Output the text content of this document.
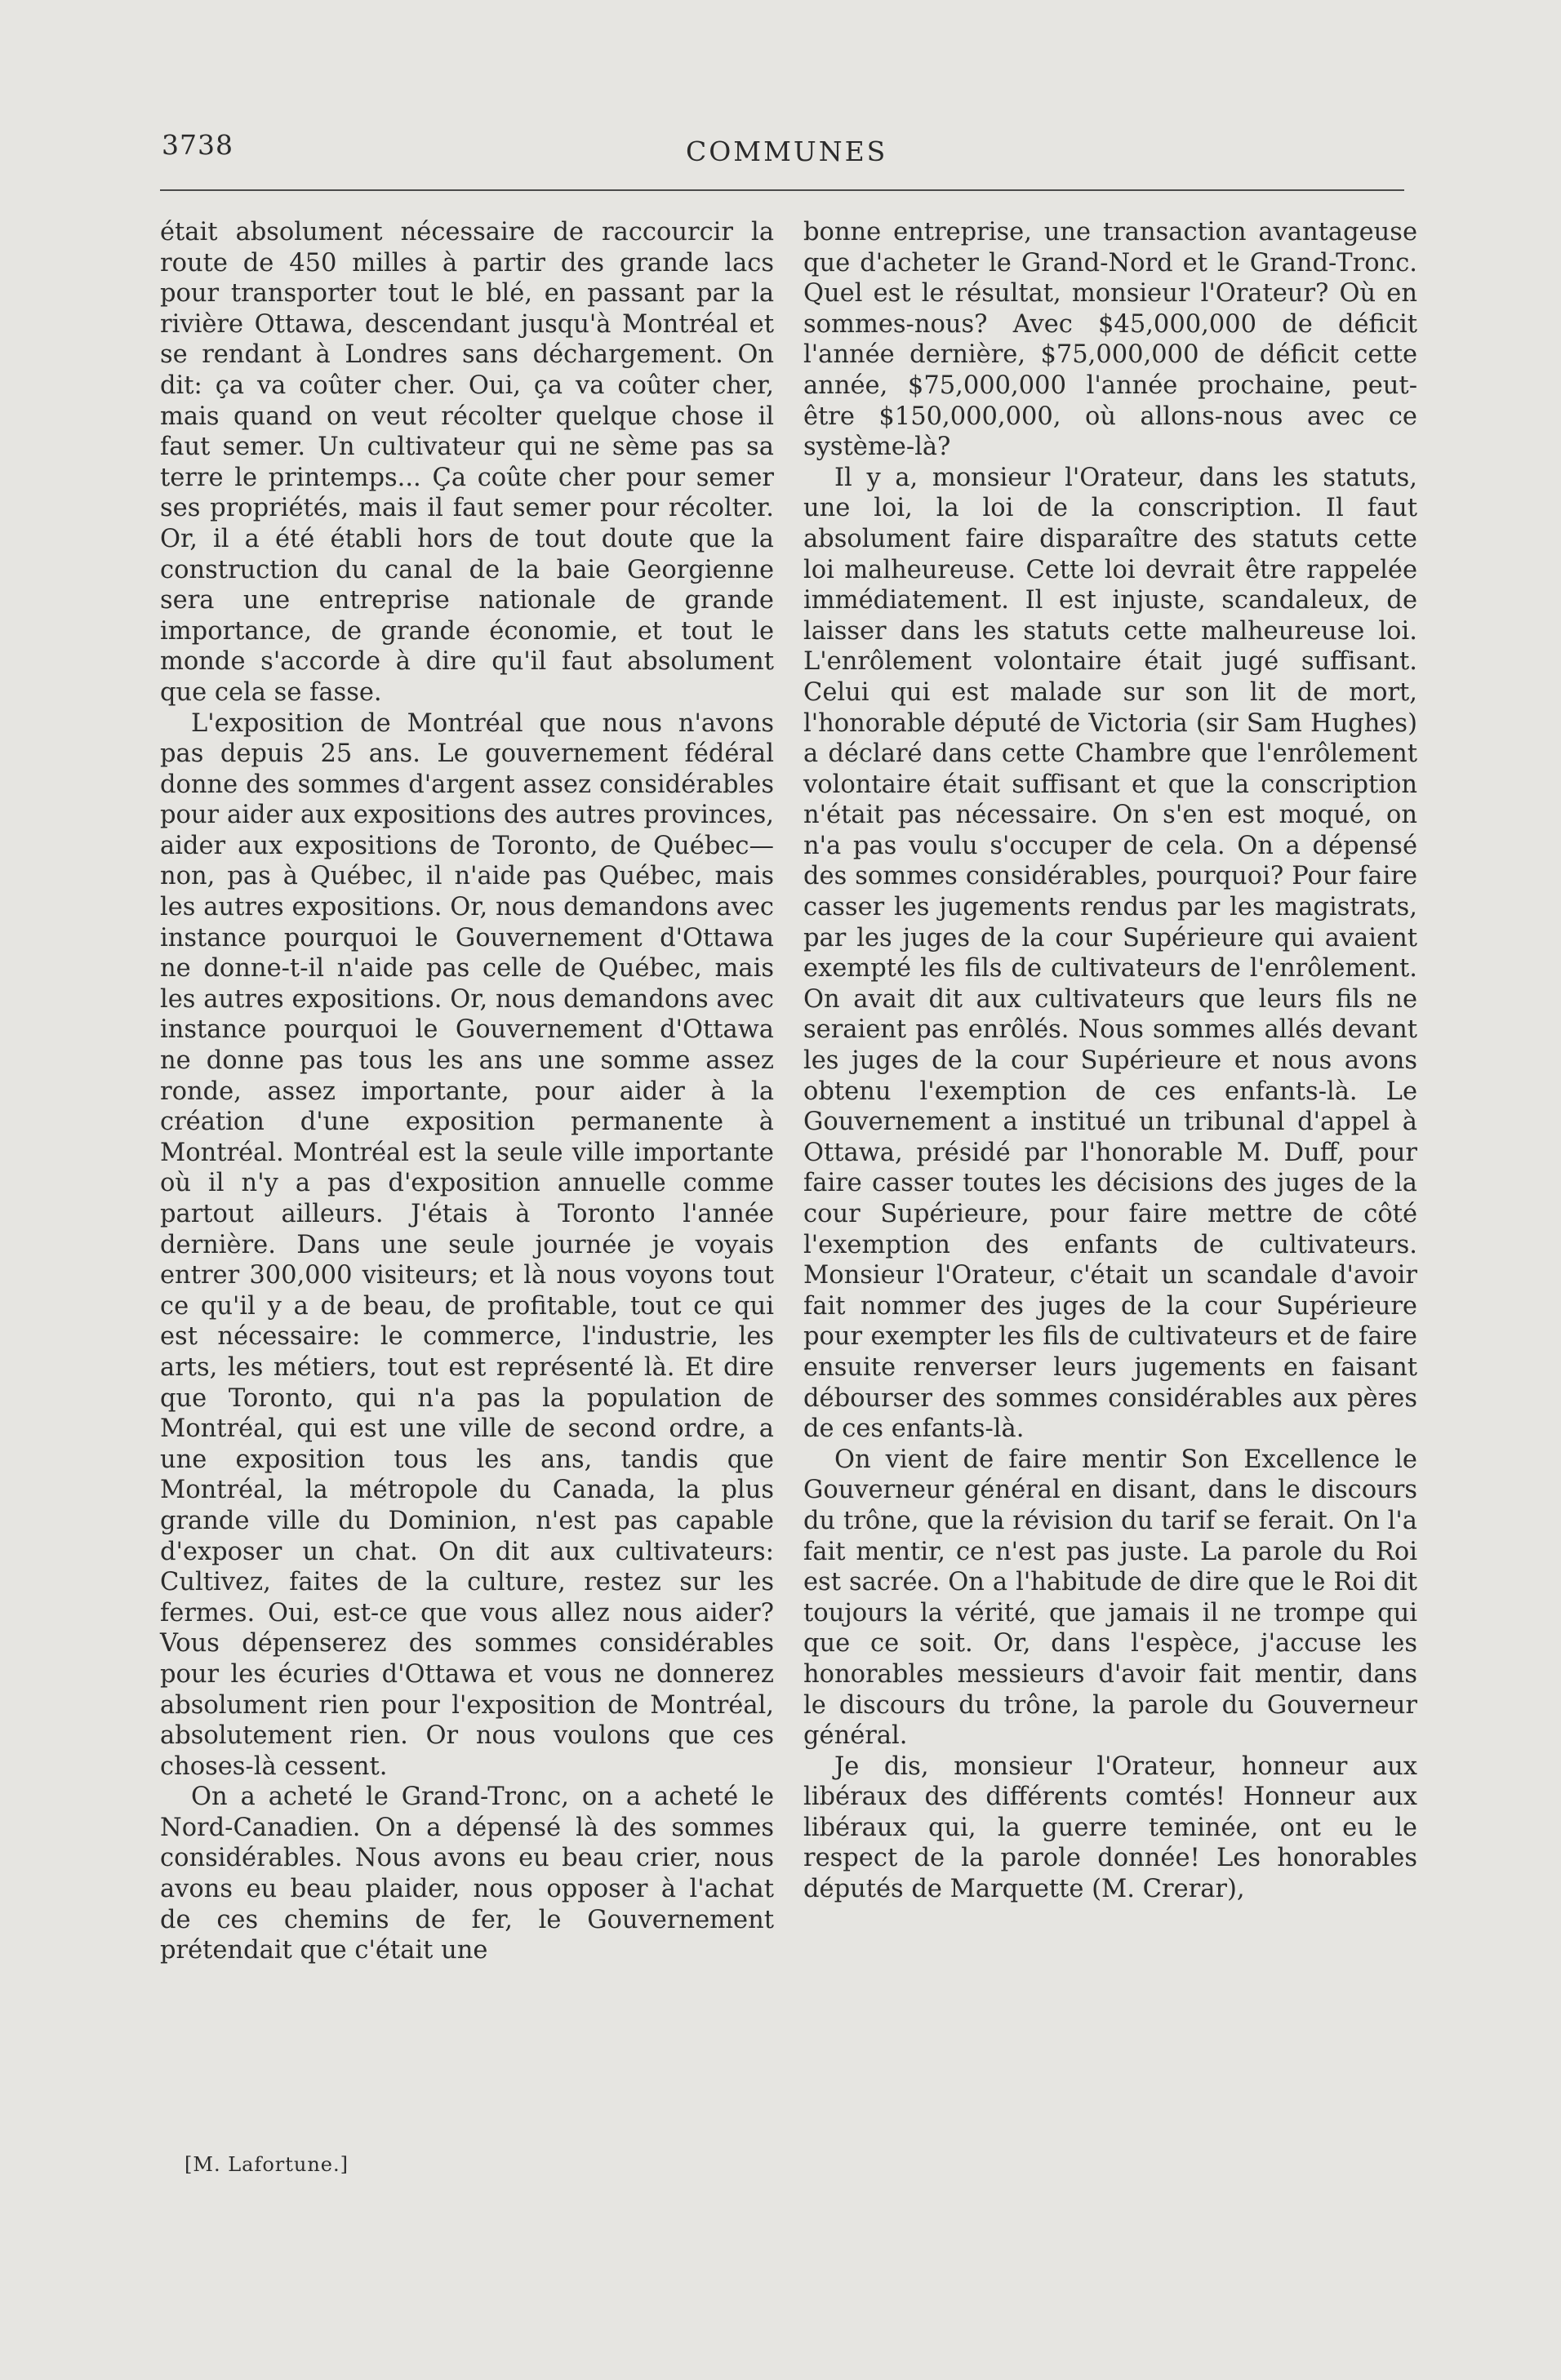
3738	COMMUNES

était absolument nécessaire de raccourcir la route de 450 milles à partir des grande lacs pour transporter tout le blé, en passant par la rivière Ottawa, descendant jusqu'à Montréal et se rendant à Londres sans déchargement. On dit: ça va coûter cher. Oui, ça va coûter cher, mais quand on veut récolter quelque chose il faut semer. Un cultivateur qui ne sème pas sa terre le printemps... Ça coûte cher pour semer ses propriétés, mais il faut semer pour récolter. Or, il a été établi hors de tout doute que la construction du canal de la baie Georgienne sera une entreprise nationale de grande importance, de grande économie, et tout le monde s'accorde à dire qu'il faut absolument que cela se fasse.

L'exposition de Montréal que nous n'avons pas depuis 25 ans. Le gouvernement fédéral donne des sommes d'argent assez considérables pour aider aux expositions des autres provinces, aider aux expositions de Toronto, de Québec—non, pas à Québec, il n'aide pas Québec, mais les autres expositions. Or, nous demandons avec instance pourquoi le Gouvernement d'Ottawa ne donne-t-il n'aide pas celle de Québec, mais les autres expositions. Or, nous demandons avec instance pourquoi le Gouvernement d'Ottawa ne donne pas tous les ans une somme assez ronde, assez importante, pour aider à la création d'une exposition permanente à Montréal. Montréal est la seule ville importante où il n'y a pas d'exposition annuelle comme partout ailleurs. J'étais à Toronto l'année dernière. Dans une seule journée je voyais entrer 300,000 visiteurs; et là nous voyons tout ce qu'il y a de beau, de profitable, tout ce qui est nécessaire: le commerce, l'industrie, les arts, les métiers, tout est représenté là. Et dire que Toronto, qui n'a pas la population de Montréal, qui est une ville de second ordre, a une exposition tous les ans, tandis que Montréal, la métropole du Canada, la plus grande ville du Dominion, n'est pas capable d'exposer un chat. On dit aux cultivateurs: Cultivez, faites de la culture, restez sur les fermes. Oui, est-ce que vous allez nous aider? Vous dépenserez des sommes considérables pour les écuries d'Ottawa et vous ne donnerez absolument rien pour l'exposition de Montréal, absolutement rien. Or nous voulons que ces choses-là cessent.

On a acheté le Grand-Tronc, on a acheté le Nord-Canadien. On a dépensé là des sommes considérables. Nous avons eu beau crier, nous avons eu beau plaider, nous opposer à l'achat de ces chemins de fer, le Gouvernement prétendait que c'était une

[M. Lafortune.]

bonne entreprise, une transaction avantageuse que d'acheter le Grand-Nord et le Grand-Tronc. Quel est le résultat, monsieur l'Orateur? Où en sommes-nous? Avec $45,000,000 de déficit l'année dernière, $75,000,000 de déficit cette année, $75,000,000 l'année prochaine, peut-être $150,000,000, où allons-nous avec ce système-là?

Il y a, monsieur l'Orateur, dans les statuts, une loi, la loi de la conscription. Il faut absolument faire disparaître des statuts cette loi malheureuse. Cette loi devrait être rappelée immédiatement. Il est injuste, scandaleux, de laisser dans les statuts cette malheureuse loi. L'enrôlement volontaire était jugé suffisant. Celui qui est malade sur son lit de mort, l'honorable député de Victoria (sir Sam Hughes) a déclaré dans cette Chambre que l'enrôlement volontaire était suffisant et que la conscription n'était pas nécessaire. On s'en est moqué, on n'a pas voulu s'occuper de cela. On a dépensé des sommes considérables, pourquoi? Pour faire casser les jugements rendus par les magistrats, par les juges de la cour Supérieure qui avaient exempté les fils de cultivateurs de l'enrôlement. On avait dit aux cultivateurs que leurs fils ne seraient pas enrôlés. Nous sommes allés devant les juges de la cour Supérieure et nous avons obtenu l'exemption de ces enfants-là. Le Gouvernement a institué un tribunal d'appel à Ottawa, présidé par l'honorable M. Duff, pour faire casser toutes les décisions des juges de la cour Supérieure, pour faire mettre de côté l'exemption des enfants de cultivateurs. Monsieur l'Orateur, c'était un scandale d'avoir fait nommer des juges de la cour Supérieure pour exempter les fils de cultivateurs et de faire ensuite renverser leurs jugements en faisant débourser des sommes considérables aux pères de ces enfants-là.

On vient de faire mentir Son Excellence le Gouverneur général en disant, dans le discours du trône, que la révision du tarif se ferait. On l'a fait mentir, ce n'est pas juste. La parole du Roi est sacrée. On a l'habitude de dire que le Roi dit toujours la vérité, que jamais il ne trompe qui que ce soit. Or, dans l'espèce, j'accuse les honorables messieurs d'avoir fait mentir, dans le discours du trône, la parole du Gouverneur général.

Je dis, monsieur l'Orateur, honneur aux libéraux des différents comtés! Honneur aux libéraux qui, la guerre teminée, ont eu le respect de la parole donnée! Les honorables députés de Marquette (M. Crerar),
